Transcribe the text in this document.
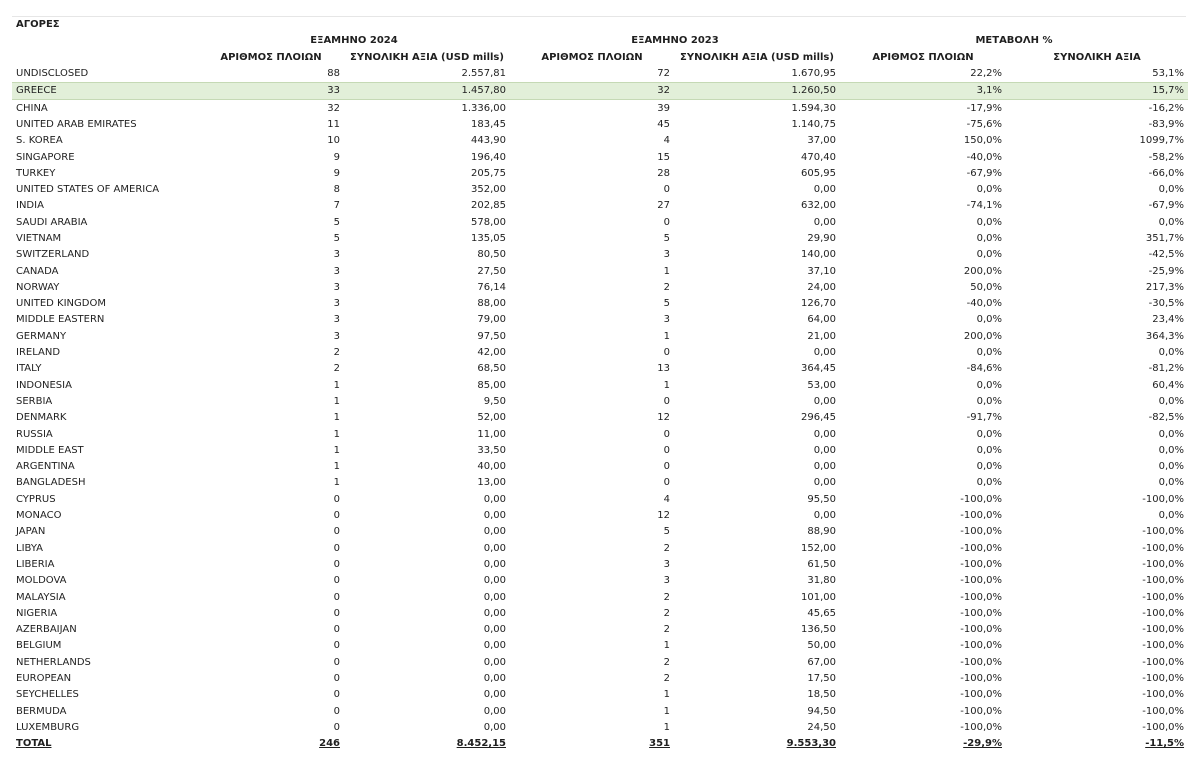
ΑΓΟΡΕΣ						
	ΕΞΑΜΗΝΟ 2024		ΕΞΑΜΗΝΟ 2023		ΜΕΤΑΒΟΛΗ %	
	ΑΡΙΘΜΟΣ ΠΛΟΙΩΝ	ΣΥΝΟΛΙΚΗ ΑΞΙΑ (USD mills)	ΑΡΙΘΜΟΣ ΠΛΟΙΩΝ	ΣΥΝΟΛΙΚΗ ΑΞΙΑ (USD mills)	ΑΡΙΘΜΟΣ ΠΛΟΙΩΝ	ΣΥΝΟΛΙΚΗ ΑΞΙΑ
UNDISCLOSED	88	2.557,81	72	1.670,95	22,2%	53,1%
GREECE	33	1.457,80	32	1.260,50	3,1%	15,7%
CHINA	32	1.336,00	39	1.594,30	-17,9%	-16,2%
UNITED ARAB EMIRATES	11	183,45	45	1.140,75	-75,6%	-83,9%
S. KOREA	10	443,90	4	37,00	150,0%	1099,7%
SINGAPORE	9	196,40	15	470,40	-40,0%	-58,2%
TURKEY	9	205,75	28	605,95	-67,9%	-66,0%
UNITED STATES OF AMERICA	8	352,00	0	0,00	0,0%	0,0%
INDIA	7	202,85	27	632,00	-74,1%	-67,9%
SAUDI ARABIA	5	578,00	0	0,00	0,0%	0,0%
VIETNAM	5	135,05	5	29,90	0,0%	351,7%
SWITZERLAND	3	80,50	3	140,00	0,0%	-42,5%
CANADA	3	27,50	1	37,10	200,0%	-25,9%
NORWAY	3	76,14	2	24,00	50,0%	217,3%
UNITED KINGDOM	3	88,00	5	126,70	-40,0%	-30,5%
MIDDLE EASTERN	3	79,00	3	64,00	0,0%	23,4%
GERMANY	3	97,50	1	21,00	200,0%	364,3%
IRELAND	2	42,00	0	0,00	0,0%	0,0%
ITALY	2	68,50	13	364,45	-84,6%	-81,2%
INDONESIA	1	85,00	1	53,00	0,0%	60,4%
SERBIA	1	9,50	0	0,00	0,0%	0,0%
DENMARK	1	52,00	12	296,45	-91,7%	-82,5%
RUSSIA	1	11,00	0	0,00	0,0%	0,0%
MIDDLE EAST	1	33,50	0	0,00	0,0%	0,0%
ARGENTINA	1	40,00	0	0,00	0,0%	0,0%
BANGLADESH	1	13,00	0	0,00	0,0%	0,0%
CYPRUS	0	0,00	4	95,50	-100,0%	-100,0%
MONACO	0	0,00	12	0,00	-100,0%	0,0%
JAPAN	0	0,00	5	88,90	-100,0%	-100,0%
LIBYA	0	0,00	2	152,00	-100,0%	-100,0%
LIBERIA	0	0,00	3	61,50	-100,0%	-100,0%
MOLDOVA	0	0,00	3	31,80	-100,0%	-100,0%
MALAYSIA	0	0,00	2	101,00	-100,0%	-100,0%
NIGERIA	0	0,00	2	45,65	-100,0%	-100,0%
AZERBAIJAN	0	0,00	2	136,50	-100,0%	-100,0%
BELGIUM	0	0,00	1	50,00	-100,0%	-100,0%
NETHERLANDS	0	0,00	2	67,00	-100,0%	-100,0%
EUROPEAN	0	0,00	2	17,50	-100,0%	-100,0%
SEYCHELLES	0	0,00	1	18,50	-100,0%	-100,0%
BERMUDA	0	0,00	1	94,50	-100,0%	-100,0%
LUXEMBURG	0	0,00	1	24,50	-100,0%	-100,0%
TOTAL	246	8.452,15	351	9.553,30	-29,9%	-11,5%
